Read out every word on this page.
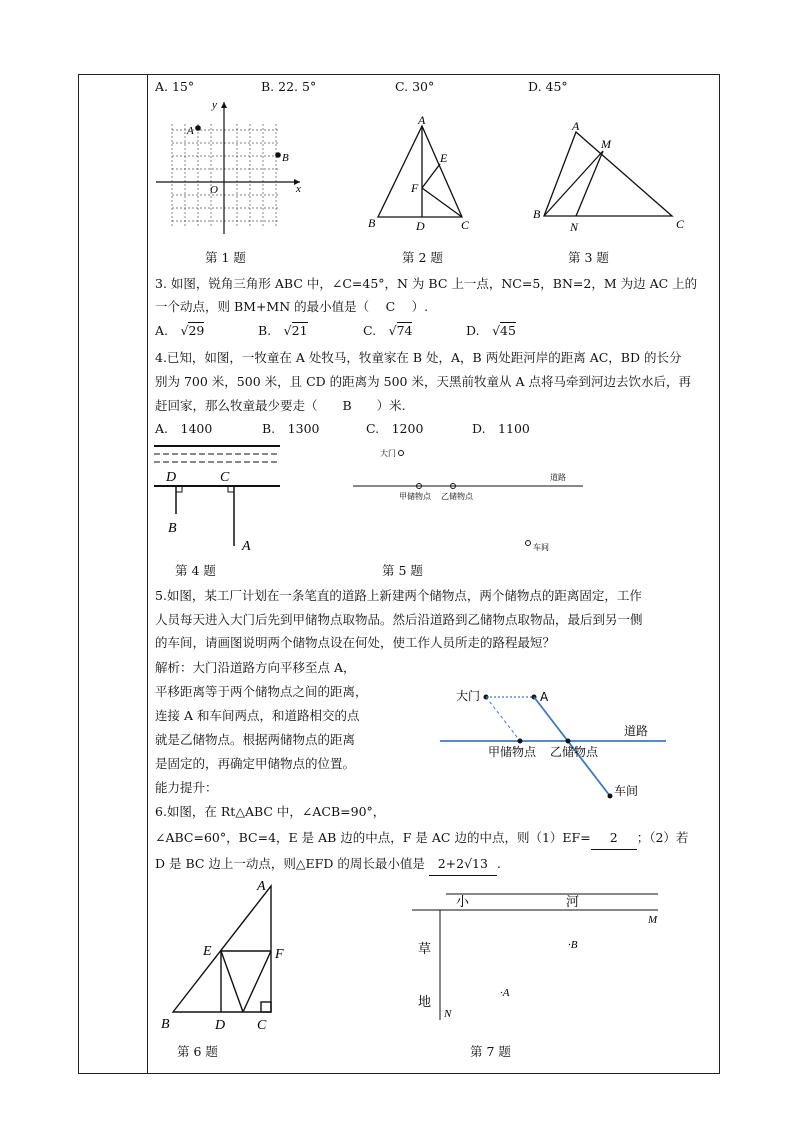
A. 15°	B. 22. 5°	C. 30°	D. 45°
y
x
O
A
B
第 1 题
A
E
F
B	D	C
第 2 题
A
M
B
N	C
第 3 题
3. 如图，锐角三角形 ABC 中，∠C=45°，N 为 BC 上一点，NC=5，BN=2，M 为边 AC 上的
一个动点，则 BM+MN 的最小值是（　 C　 ）.
A.　√29	B.　√21	C.　√74	D.　√45
4.已知，如图，一牧童在 A 处牧马，牧童家在 B 处，A，B 两处距河岸的距离 AC，BD 的长分
别为 700 米，500 米，且 CD 的距离为 500 米，天黑前牧童从 A 点将马牵到河边去饮水后，再
赶回家，那么牧童最少要走（　　B　　）米.
A.　1400	B.　1300	C.　1200	D.　1100
D	C
B
A
第 4 题
大门
道路
甲储物点 乙储物点
车间
第 5 题
5.如图，某工厂计划在一条笔直的道路上新建两个储物点，两个储物点的距离固定，工作
人员每天进入大门后先到甲储物点取物品。然后沿道路到乙储物点取物品，最后到另一侧
的车间，请画图说明两个储物点设在何处，使工作人员所走的路程最短？
解析：大门沿道路方向平移至点 A，
平移距离等于两个储物点之间的距离，
连接 A 和车间两点，和道路相交的点
就是乙储物点。根据两储物点的距离
是固定的，再确定甲储物点的位置。
能力提升：
大门	A
道路
甲储物点 乙储物点
车间
6.如图，在 Rt△ABC 中，∠ACB=90°，
∠ABC=60°，BC=4，E 是 AB 边的中点，F 是 AC 边的中点，则（1）EF= 2 ；（2）若
D 是 BC 边上一动点，则△EFD 的周长最小值是 2+2√13 .
A
E	F
B	D C
第 6 题
小	河
M
草
地
·B
·A
N
第 7 题
